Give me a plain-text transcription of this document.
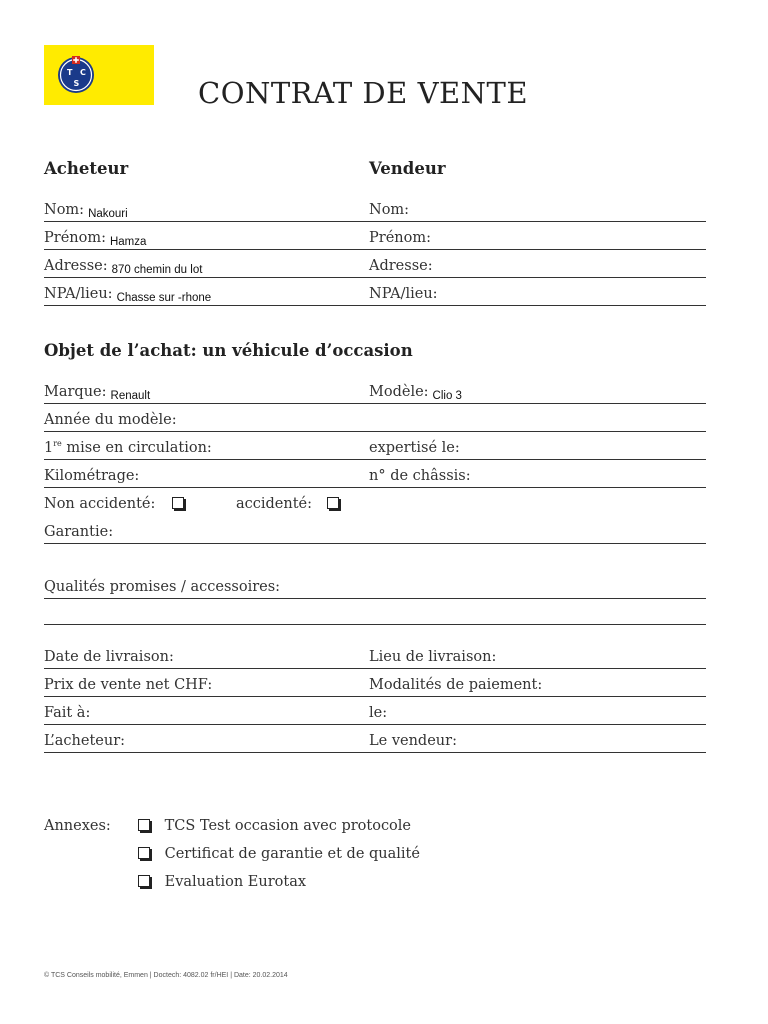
T C
S	CONTRAT DE VENTE
Acheteur	Vendeur
Nom: Nakouri	Nom:
Prénom: Hamza	Prénom:
Adresse: 870 chemin du lot	Adresse:
NPA/lieu: Chasse sur -rhone	NPA/lieu:
Objet de l’achat: un véhicule d’occasion
Marque: Renault	Modèle: Clio 3
Année du modèle:
1re mise en circulation:	expertisé le:
Kilométrage:	n° de châssis:
Non accidenté:	accidenté:
Garantie:
Qualités promises / accessoires:
Date de livraison:	Lieu de livraison:
Prix de vente net CHF:	Modalités de paiement:
Fait à:	le:
L’acheteur:	Le vendeur:
Annexes:	TCS Test occasion avec protocole
Certificat de garantie et de qualité
Evaluation Eurotax
© TCS Conseils mobilité, Emmen | Doctech: 4082.02 fr/HEI | Date: 20.02.2014
